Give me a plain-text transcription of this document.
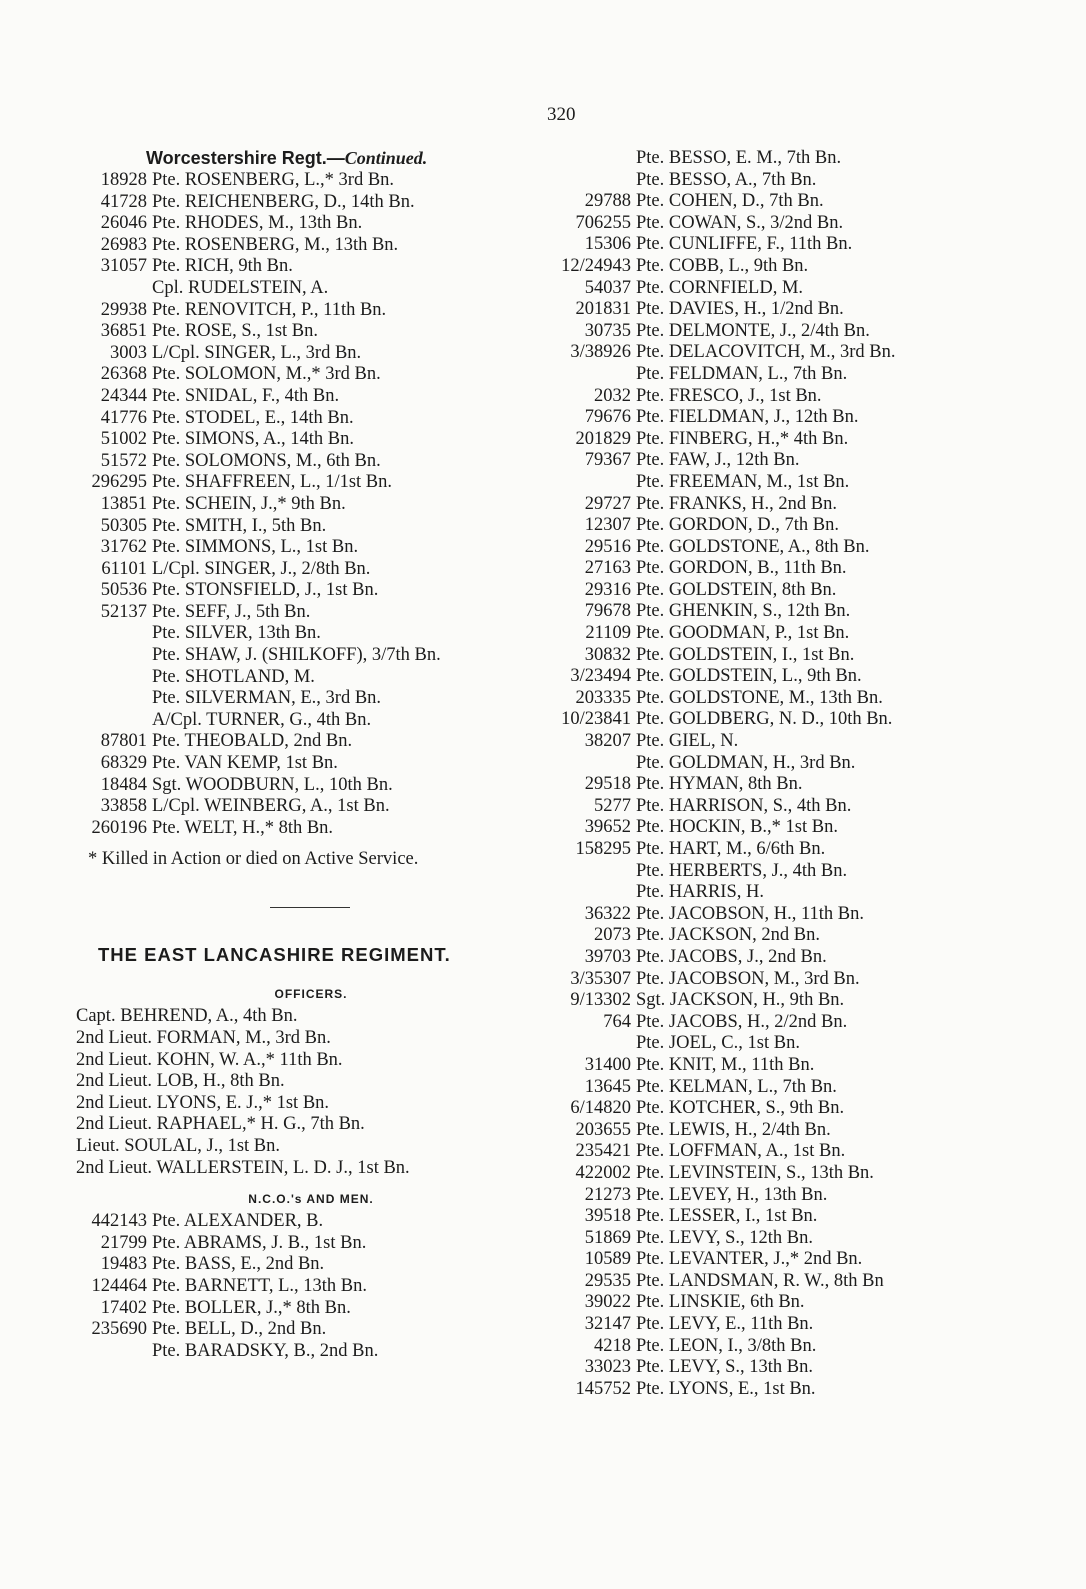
320
Worcestershire Regt.—Continued.
18928 Pte. ROSENBERG, L.,* 3rd Bn.
41728 Pte. REICHENBERG, D., 14th Bn.
26046 Pte. RHODES, M., 13th Bn.
26983 Pte. ROSENBERG, M., 13th Bn.
31057 Pte. RICH, 9th Bn.
Cpl. RUDELSTEIN, A.
29938 Pte. RENOVITCH, P., 11th Bn.
36851 Pte. ROSE, S., 1st Bn.
3003 L/Cpl. SINGER, L., 3rd Bn.
26368 Pte. SOLOMON, M.,* 3rd Bn.
24344 Pte. SNIDAL, F., 4th Bn.
41776 Pte. STODEL, E., 14th Bn.
51002 Pte. SIMONS, A., 14th Bn.
51572 Pte. SOLOMONS, M., 6th Bn.
296295 Pte. SHAFFREEN, L., 1/1st Bn.
13851 Pte. SCHEIN, J.,* 9th Bn.
50305 Pte. SMITH, I., 5th Bn.
31762 Pte. SIMMONS, L., 1st Bn.
61101 L/Cpl. SINGER, J., 2/8th Bn.
50536 Pte. STONSFIELD, J., 1st Bn.
52137 Pte. SEFF, J., 5th Bn.
Pte. SILVER, 13th Bn.
Pte. SHAW, J. (SHILKOFF), 3/7th Bn.
Pte. SHOTLAND, M.
Pte. SILVERMAN, E., 3rd Bn.
A/Cpl. TURNER, G., 4th Bn.
87801 Pte. THEOBALD, 2nd Bn.
68329 Pte. VAN KEMP, 1st Bn.
18484 Sgt. WOODBURN, L., 10th Bn.
33858 L/Cpl. WEINBERG, A., 1st Bn.
260196 Pte. WELT, H.,* 8th Bn.
* Killed in Action or died on Active Service.
THE EAST LANCASHIRE REGIMENT.
OFFICERS.
Capt. BEHREND, A., 4th Bn.
2nd Lieut. FORMAN, M., 3rd Bn.
2nd Lieut. KOHN, W. A.,* 11th Bn.
2nd Lieut. LOB, H., 8th Bn.
2nd Lieut. LYONS, E. J.,* 1st Bn.
2nd Lieut. RAPHAEL,* H. G., 7th Bn.
Lieut. SOULAL, J., 1st Bn.
2nd Lieut. WALLERSTEIN, L. D. J., 1st Bn.
N.C.O.'s AND MEN.
442143 Pte. ALEXANDER, B.
21799 Pte. ABRAMS, J. B., 1st Bn.
19483 Pte. BASS, E., 2nd Bn.
124464 Pte. BARNETT, L., 13th Bn.
17402 Pte. BOLLER, J.,* 8th Bn.
235690 Pte. BELL, D., 2nd Bn.
Pte. BARADSKY, B., 2nd Bn.
Pte. BESSO, E. M., 7th Bn.
Pte. BESSO, A., 7th Bn.
29788 Pte. COHEN, D., 7th Bn.
706255 Pte. COWAN, S., 3/2nd Bn.
15306 Pte. CUNLIFFE, F., 11th Bn.
12/24943 Pte. COBB, L., 9th Bn.
54037 Pte. CORNFIELD, M.
201831 Pte. DAVIES, H., 1/2nd Bn.
30735 Pte. DELMONTE, J., 2/4th Bn.
3/38926 Pte. DELACOVITCH, M., 3rd Bn.
Pte. FELDMAN, L., 7th Bn.
2032 Pte. FRESCO, J., 1st Bn.
79676 Pte. FIELDMAN, J., 12th Bn.
201829 Pte. FINBERG, H.,* 4th Bn.
79367 Pte. FAW, J., 12th Bn.
Pte. FREEMAN, M., 1st Bn.
29727 Pte. FRANKS, H., 2nd Bn.
12307 Pte. GORDON, D., 7th Bn.
29516 Pte. GOLDSTONE, A., 8th Bn.
27163 Pte. GORDON, B., 11th Bn.
29316 Pte. GOLDSTEIN, 8th Bn.
79678 Pte. GHENKIN, S., 12th Bn.
21109 Pte. GOODMAN, P., 1st Bn.
30832 Pte. GOLDSTEIN, I., 1st Bn.
3/23494 Pte. GOLDSTEIN, L., 9th Bn.
203335 Pte. GOLDSTONE, M., 13th Bn.
10/23841 Pte. GOLDBERG, N. D., 10th Bn.
38207 Pte. GIEL, N.
Pte. GOLDMAN, H., 3rd Bn.
29518 Pte. HYMAN, 8th Bn.
5277 Pte. HARRISON, S., 4th Bn.
39652 Pte. HOCKIN, B.,* 1st Bn.
158295 Pte. HART, M., 6/6th Bn.
Pte. HERBERTS, J., 4th Bn.
Pte. HARRIS, H.
36322 Pte. JACOBSON, H., 11th Bn.
2073 Pte. JACKSON, 2nd Bn.
39703 Pte. JACOBS, J., 2nd Bn.
3/35307 Pte. JACOBSON, M., 3rd Bn.
9/13302 Sgt. JACKSON, H., 9th Bn.
764 Pte. JACOBS, H., 2/2nd Bn.
Pte. JOEL, C., 1st Bn.
31400 Pte. KNIT, M., 11th Bn.
13645 Pte. KELMAN, L., 7th Bn.
6/14820 Pte. KOTCHER, S., 9th Bn.
203655 Pte. LEWIS, H., 2/4th Bn.
235421 Pte. LOFFMAN, A., 1st Bn.
422002 Pte. LEVINSTEIN, S., 13th Bn.
21273 Pte. LEVEY, H., 13th Bn.
39518 Pte. LESSER, I., 1st Bn.
51869 Pte. LEVY, S., 12th Bn.
10589 Pte. LEVANTER, J.,* 2nd Bn.
29535 Pte. LANDSMAN, R. W., 8th Bn
39022 Pte. LINSKIE, 6th Bn.
32147 Pte. LEVY, E., 11th Bn.
4218 Pte. LEON, I., 3/8th Bn.
33023 Pte. LEVY, S., 13th Bn.
145752 Pte. LYONS, E., 1st Bn.
